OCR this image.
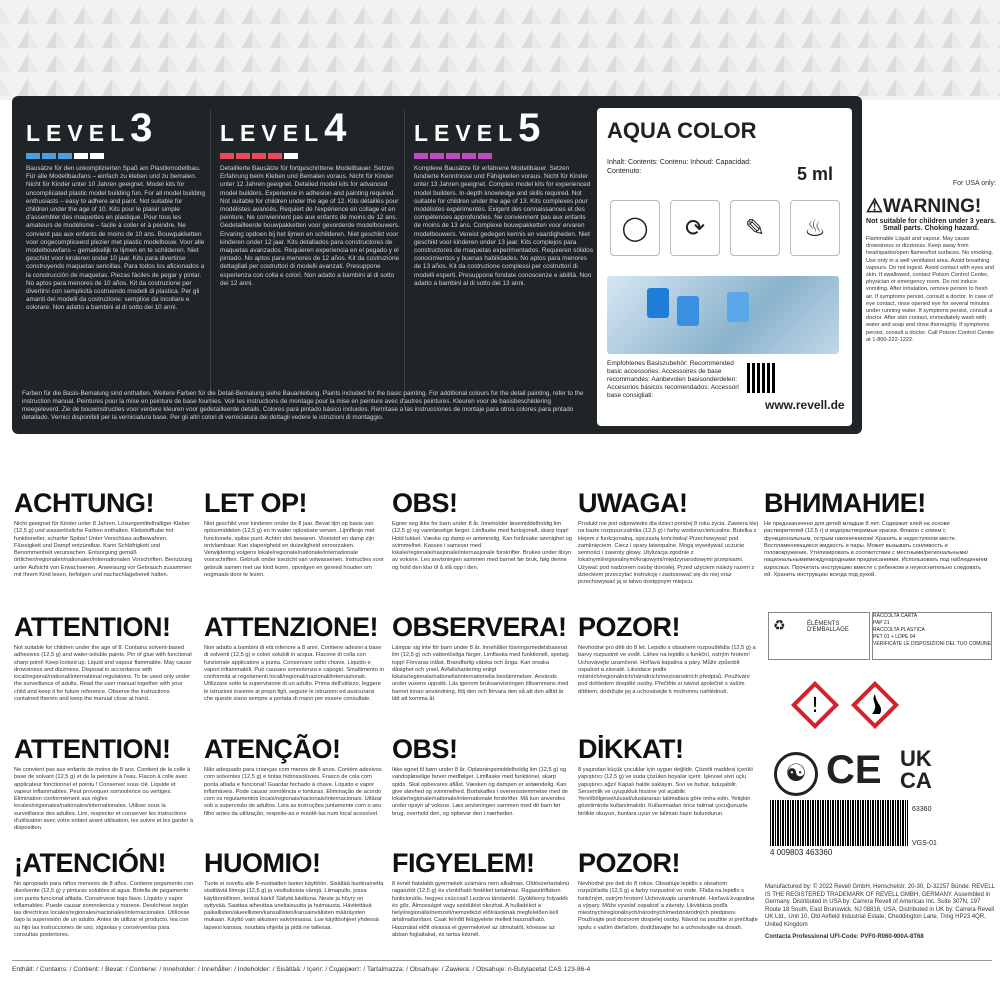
LEVEL3
Bausätze für den unkomplizierten Spaß am Plastikmodellbau. Für alle Modellbaufans – einfach zu kleben und zu bemalen. Nicht für Kinder unter 10 Jahren geeignet. Model kits for uncomplicated plastic model building fun. For all model building enthusiasts – easy to adhere and paint. Not suitable for children under the age of 10. Kits pour le plaisir simple d'assembler des maquettes en plastique. Pour tous les amateurs de modélisme – facile à coller et à peindre. Ne convient pas aux enfants de moins de 10 ans. Bouwpakketten voor ongecompliceerd plezier met plastic modelbouw. Voor alle modelbouwfans – gemakkelijk te lijmen en te schilderen. Niet geschikt voor kinderen onder 10 jaar. Kits para divertirse construyendo maquetas sencillas. Para todos los aficionados a la construcción de maquetas. Piezas fáciles de pegar y pintar. No aptos para menores de 10 años. Kit da costruzione per divertirsi con semplicità costruendo modelli di plastica. Per gli amanti dei modelli da costruzione: semplice da incollare e colorare. Non adatto a bambini al di sotto dei 10 anni.
LEVEL4
Detaillierte Bausätze für fortgeschrittene Modellbauer. Setzen Erfahrung beim Kleben und Bemalen voraus. Nicht für Kinder unter 12 Jahren geeignet. Detailed model kits for advanced model builders. Experience in adhesion and painting required. Not suitable for children under the age of 12. Kits détaillés pour modélistes avancés. Requiert de l'expérience en collage et en peinture. Ne conviennent pas aux enfants de moins de 12 ans. Gedetailleerde bouwpakketten voor gevorderde modelbouwers. Ervaring opdoen bij het lijmen en schilderen. Niet geschikt voor kinderen onder 12 jaar. Kits detallados para constructores de maquetas avanzados. Requieren experiencia en el pegado y el pintado. No aptos para menores de 12 años. Kit da costruzione dettagliati per costruttori di modelli avanzati. Presuppone esperienza con colla e colori. Non adatto a bambini al di sotto dei 12 anni.
LEVEL5
Komplexe Bausätze für erfahrene Modellbauer. Setzen fundierte Kenntnisse und Fähigkeiten voraus. Nicht für Kinder unter 13 Jahren geeignet. Complex model kits for experienced model builders. In-depth knowledge and skills required. Not suitable for children under the age of 13. Kits complexes pour modélistes expérimentés. Exigent des connaissances et des compétences approfondies. Ne conviennent pas aux enfants de moins de 13 ans. Complexe bouwpakketten voor ervaren modelbouwers. Vereist gedegen kennis en vaardigheden. Niet geschikt voor kinderen onder 13 jaar. Kits complejos para constructores de maquetas experimentados. Requieren sólidos conocimientos y buenas habilidades. No aptos para menores de 13 años. Kit da costruzione complessi per costruttori di modelli esperti. Presuppone fondate conoscenze e abilità. Non adatto a bambini al di sotto dei 13 anni.
Farben für die Basis-Bemalung sind enthalten. Weitere Farben für die Detail-Bemalung siehe Bauanleitung. Paints included for the basic painting. For additional colours for the detail painting, refer to the instruction manual. Peintures pour la mise en peinture de base fournies. Voir les instructions de montage pour la mise en peinture avec d'autres peintures. Kleuren voor de basisbeschildering meegeleverd. Zie de bouwinstructies voor verdere kleuren voor gedetailleerde details. Colores para pintado básico incluidos. Remítase a las instrucciones de montaje para otros colores para pintado detallado. Vernici disponibili per la verniciatura base. Per gli altri colori di verniciatura dei dettagli vedere le istruzioni di montaggio.
AQUA COLOR
Inhalt: Contents: Contenu: Inhoud: Capacidad: Contenuto:	5 ml
◯	⟳	✎	♨
Empfohlenes Basiszubehör: Recommended basic accessories: Accessoires de base recommandés: Aanbevolen basisonderdelen: Accesorios básicos recomendados: Accessori base consigliati:
www.revell.de
For USA only:
⚠WARNING!
Not suitable for children under 3 years. Small parts. Choking hazard.
Flammable Liquid and vapour. May cause drowsiness or dizziness. Keep away from heat/sparks/open flames/hot surfaces. No smoking. Use only in a well ventilated area. Avoid breathing vapours. Do not ingest. Avoid contact with eyes and skin. If swallowed, contact Poison Control Center, physician or emergency room. Do not induce vomiting. After inhalation, remove person to fresh air. If symptoms persist, consult a doctor. In case of eye contact, rinse opened eye for several minutes under running water. If symptoms persist, consult a doctor. After skin contact, immediately wash with water and soap and rinse thoroughly. If symptoms persist, consult a doctor. Call Poison Control Center at 1-800-222-1222.
ACHTUNG!
Nicht geeignet für Kinder unter 8 Jahren. Lösungsmittelhaltiger Kleber (12,5 g) und wasserlösliche Farben enthalten. Klebstofftube mit funktioneller, scharfer Spitze! Unter Verschluss aufbewahren. Flüssigkeit und Dampf entzündbar. Kann Schläfrigkeit und Benommenheit verursachen. Entsorgung gemäß örtlichen/regionalen/nationalen/internationalen Vorschriften. Benutzung unter Aufsicht von Erwachsenen. Anweisung vor Gebrauch zusammen mit Ihrem Kind lesen, befolgen und nachschlagebereit halten.
LET OP!
Niet geschikt voor kinderen onder de 8 jaar. Bevat lijm op basis van oplosmiddelen (12,5 g) en in water oplosbare verven. Lijmflesje met functionele, spitse punt. Achter slot bewaren. Vloeistof en damp zijn ontvlambaar. Kan slaperigheid en duizeligheid veroorzaken. Verwijdering volgens lokale/regionale/nationale/internationale voorschriften. Gebruik onder toezicht van volwassenen. Instructies voor gebruik samen met uw kind lezen, opvolgen en gereed houden om nogmaals door te lezen.
OBS!
Egner seg ikke for barn under 8 år. Inneholder løsemiddelholdig lim (12,5 g) og vannløselige farger. Limflaske med funksjonell, skarp topp! Hold lukket. Væske og damp er antennelig. Kan forårsake søvnighet og svimmelhet. Kasses i samsvar med lokale/regionale/nasjonale/internasjonale forskrifter. Brukes under tilsyn av voksne. Les anvisningen sammen med barnet før bruk, følg denne og hold den klar til å slå opp i den.
UWAGA!
Produkt nie jest odpowiedni dla dzieci poniżej 8 roku życia. Zawiera klej na bazie rozpuszczalnika (12,5 g) i farby wodorozcieńczalne. Butelka z klejem z funkcjonalną, spiczastą końcówką! Przechowywać pod zamknięciem. Ciecz i opary łatwopalne. Mogą wywoływać uczucie senności i zawroty głowy. Utylizacja zgodnie z lokalnymi/regionalnymi/krajowymi/międzynarodowymi przepisami. Używać pod nadzorem osoby dorosłej. Przed użyciem należy razem z dzieckiem przeczytać instrukcję i zastosować się do niej oraz przechowywać ją w łatwo dostępnym miejscu.
ВНИМАНИЕ!
Не предназначено для детей младше 8 лет. Содержит клей на основе растворителей (12,5 г) и водорастворимые краски. Флакон с клеем с функциональным, острым наконечником! Хранить в недоступном месте. Воспламеняющиеся жидкость и пары. Может вызывать сонливость и головокружение. Утилизировать в соответствии с местными/региональными/национальными/международными предписаниями. Использовать под наблюдением взрослых. Прочитать инструкцию вместе с ребенком и неукоснительно следовать ей. Хранить инструкцию всегда под рукой.
ATTENTION!
Not suitable for children under the age of 8. Contains solvent-based adhesives (12,5 g) and water-soluble paints. Pin of glue with functional sharp point! Keep locked up. Liquid and vapour flammable. May cause drowsiness and dizziness. Disposal in accordance with local/regional/national/international regulations. To be used only under the surveillance of adults. Read the user manual together with your child and keep it for future reference. Observe the instructions contained therein and keep the manual close at hand.
ATTENZIONE!
Non adatto a bambini di età inferiore a 8 anni. Contiene adesivi a base di solventi (12,5 g) e colori solubili in acqua. Flacone di colla con funzionale applicatore a punta. Conservare sotto chiave. Liquido e vapori infiammabili. Può causare sonnolenza e capogiri. Smaltimento in conformità ai regolamenti locali/regionali/nazionali/internazionali. Utilizzare sotto la supervisione di un adulto. Prima dell'utilizzo, leggere le istruzioni insieme ai propri figli, seguire le istruzioni ed assicurarsi che queste siano sempre a portata di mano per essere consultate.
OBSERVERA!
Lämpar sig inte för barn under 8 år. Innehåller lösningsmedelsbaserat lim (12,5 g) och vattenlösliga färger. Limflaska med funktionell, spetsig topp! Förvaras inlåst. Brandfarlig vätska och ånga. Kan orsaka dåsighet och yrsel. Avfallshantering enligt lokala/regionala/nationella/internationella bestämmelser. Används under vuxens uppsikt. Läs igenom bruksanvisningen tillsammans med barnet innan användning, följ den och förvara den så att den alltid är lätt att komma åt.
POZOR!
Nevhodné pro děti do 8 let. Lepidlo s obsahem rozpouštědla (12,5 g) a barvy rozpustné ve vodě. Láhev na lepidlo s funkční, ostrým hrotem! Uchovávejte uzamčené. Hořlavá kapalina a páry. Může způsobit ospalost a závratě. Likvidace podle místních/regionálních/národních/mezinárodních předpisů. Používání pod dohledem dospělé osoby. Přečtěte si návod společně s vaším dítětem, dodržujte jej a uchovávejte k možnému nahlédnutí.
ATTENTION!
Ne convient pas aux enfants de moins de 8 ans. Contient de la colle à base de solvant (12,5 g) et de la peinture à l'eau. Flacon à colle avec applicateur fonctionnel et pointu ! Conserver sous clé. Liquide et vapeur inflammables. Peut provoquer somnolence ou vertiges. Élimination conformément aux règles locales/régionales/nationales/internationales. Utiliser sous la surveillance des adultes. Lire, respecter et conserver les instructions d'utilisation avec votre enfant avant utilisation, les suivre et les garder à disposition.
ATENÇÃO!
Não adequado para crianças com menos de 8 anos. Contém adesivos com solventes (12,5 g) e tintas hidrossolúveis. Frasco de cola com ponta afiada e funcional! Guardar fechado à chave. Líquido e vapor inflamáveis. Pode causar sonolência e tonturas. Eliminação de acordo com os regulamentos locais/regionais/nacionais/internacionais. Utilizar sob a supervisão de adultos. Leia as instruções juntamente com o seu filho antes da utilização, respeite-as e mantê-las num local acessível.
OBS!
Ikke egnet til børn under 8 år. Opløsningsmiddelholdig lim (12,5 g) og vandopløselige farver medfølger. Limflaske med funktionel, skarp spids. Skal opbevares aflåst. Væsken og dampen er antændelig. Kan give sløvhed og svimmelhed. Bortskaffes i overensstemmelse med de lokale/regionale/nationale/internationale forskrifter. Må kun anvendes under opsyn af voksne. Læs anvisningen sammen med dit barn før brug, overhold den, og opbevar den i nærheden.
DİKKAT!
8 yaşından küçük çocuklar için uygun değildir. Çözelti maddesi içerikli yapıştırıcı (12,5 g) ve suda çözülen boyalar içerir. İşlevsel sivri uçlu yapıştırıcı ağzı! Kapalı halde saklayın. Sıvı ve buhar, tutuşabilir. Sersemlik ve uyuşukluk hissine yol açabilir. Yerel/bölgesel/ulusal/uluslararası talimatlara göre imha edin. Yetişkin gözetiminde kullanılmalıdır. Kullanmadan önce talimat çocuğunuzla birlikte okuyun, bunlara uyun ve talimatı hazır bulundurun.
¡ATENCIÓN!
No apropiado para niños menores de 8 años. Contiene pegamento con disolvente (12,5 g) y pinturas solubles al agua. Botella de pegamento con punta funcional afilada. Consérvese bajo llave. Líquido y vapor inflamables. Puede causar somnolencia y mareos. Deséchese según las directrices locales/regionales/nacionales/internacionales. Utilícese bajo la supervisión de un adulto. Antes de utilizar el producto, lea con su hijo las instrucciones de uso, síganlas y consérvenlas para consultas posteriores.
HUOMIO!
Tuote ei sovellu alle 8-vuotiaiden lasten käyttöön. Sisältää liuotinainetta sisältäviä liimoja (12,5 g) ja vesiliukoisia värejä. Liimapullo, jossa käytännöllinen, terävä kärki! Säilytä lukittuna. Neste ja höyry on syttyvää. Saattaa aiheuttaa uneliaisuutta ja huimausta. Hävitettävä paikallisten/alueellisten/kansallisten/kansainvälisten määräysten mukaan. Käyttö vain aikuisen valvonnassa. Lue käyttöohjeet yhdessä lapsesi kanssa, noudata ohjeita ja pidä ne tallessa.
FIGYELEM!
8 évnél fiatalabb gyermekek számára nem alkalmas. Oldószertartalmú ragasztót (12,5 g) és vízoldható festéket tartalmaz. Ragasztóflakon funkcionális, hegyes csúccsal! Lezárva tárolandó. Gyúlékony folyadék és gőz. Álmosságot vagy szédülést okozhat. A hulladékot a helyi/regionális/nemzeti/nemzetközi előírásoknak megfelelően kell ártalmatlanítani. Csak felnőtt felügyelete mellett használható. Használat előtt olvassa el gyermekével az útmutatót, kövesse az abban foglaltakat, és tartsa kéznél.
POZOR!
Nevhodné pre deti do 8 rokov. Obsahuje lepidlo s obsahom rozpúšťadla (12,5 g) a farby rozpustné vo vode. Fľaša na lepidlo s funkčným, ostrým hrotom! Uchovávajte uzamknuté. Horľavá kvapalina a výpary. Môže vyvolať ospalosť a závraty. Likvidácia podľa miestnych/regionálnych/národných/medzinárodných predpisov. Používajte pod dozorom dospelej osoby. Návod na použitie si prečítajte spolu s vaším dieťaťom, dodržiavajte ho a uchovávajte na dosah.
♻	ÉLÉMENTS D'EMBALLAGE
RACCOLTA CARTA
PAP 21
RACCOLTA PLASTICA
PET 01 + LDPE 04
VERIFICATE LE DISPOSIZIONI DEL TUO COMUNE
!
☯ CE UK CA
4 009803 463360
63360
VGS-01
Manufactured by: © 2022 Revell GmbH, Henschelstr. 20-30, D-32257 Bünde. REVELL IS THE REGISTERED TRADEMARK OF REVELL GMBH, GERMANY. Assembled in Germany. Distributed in USA by: Carrera Revell of Americas Inc. Suite 307N, 197 Route 18 South, East Brunswick, NJ 08816, USA. Distributed in UK by: Carrera Revell UK Ltd., Unit 10, Old Airfield Industrial Estate, Cheddington Lane, Tring HP23 4QR, United Kingdom
Contacta Professional UFI-Code: PVF0-R060-900A-8T68
Enthält: / Contains: / Contient: / Bevat: / Contiene: / Inneholder: / Innehåller: / Indeholder: / Sisältää: / Içerir: / Содержит: / Tartalmazza: / Obsahuje: / Zawiera: / Obsahuje: n-Butylacetat CAS 123-86-4
